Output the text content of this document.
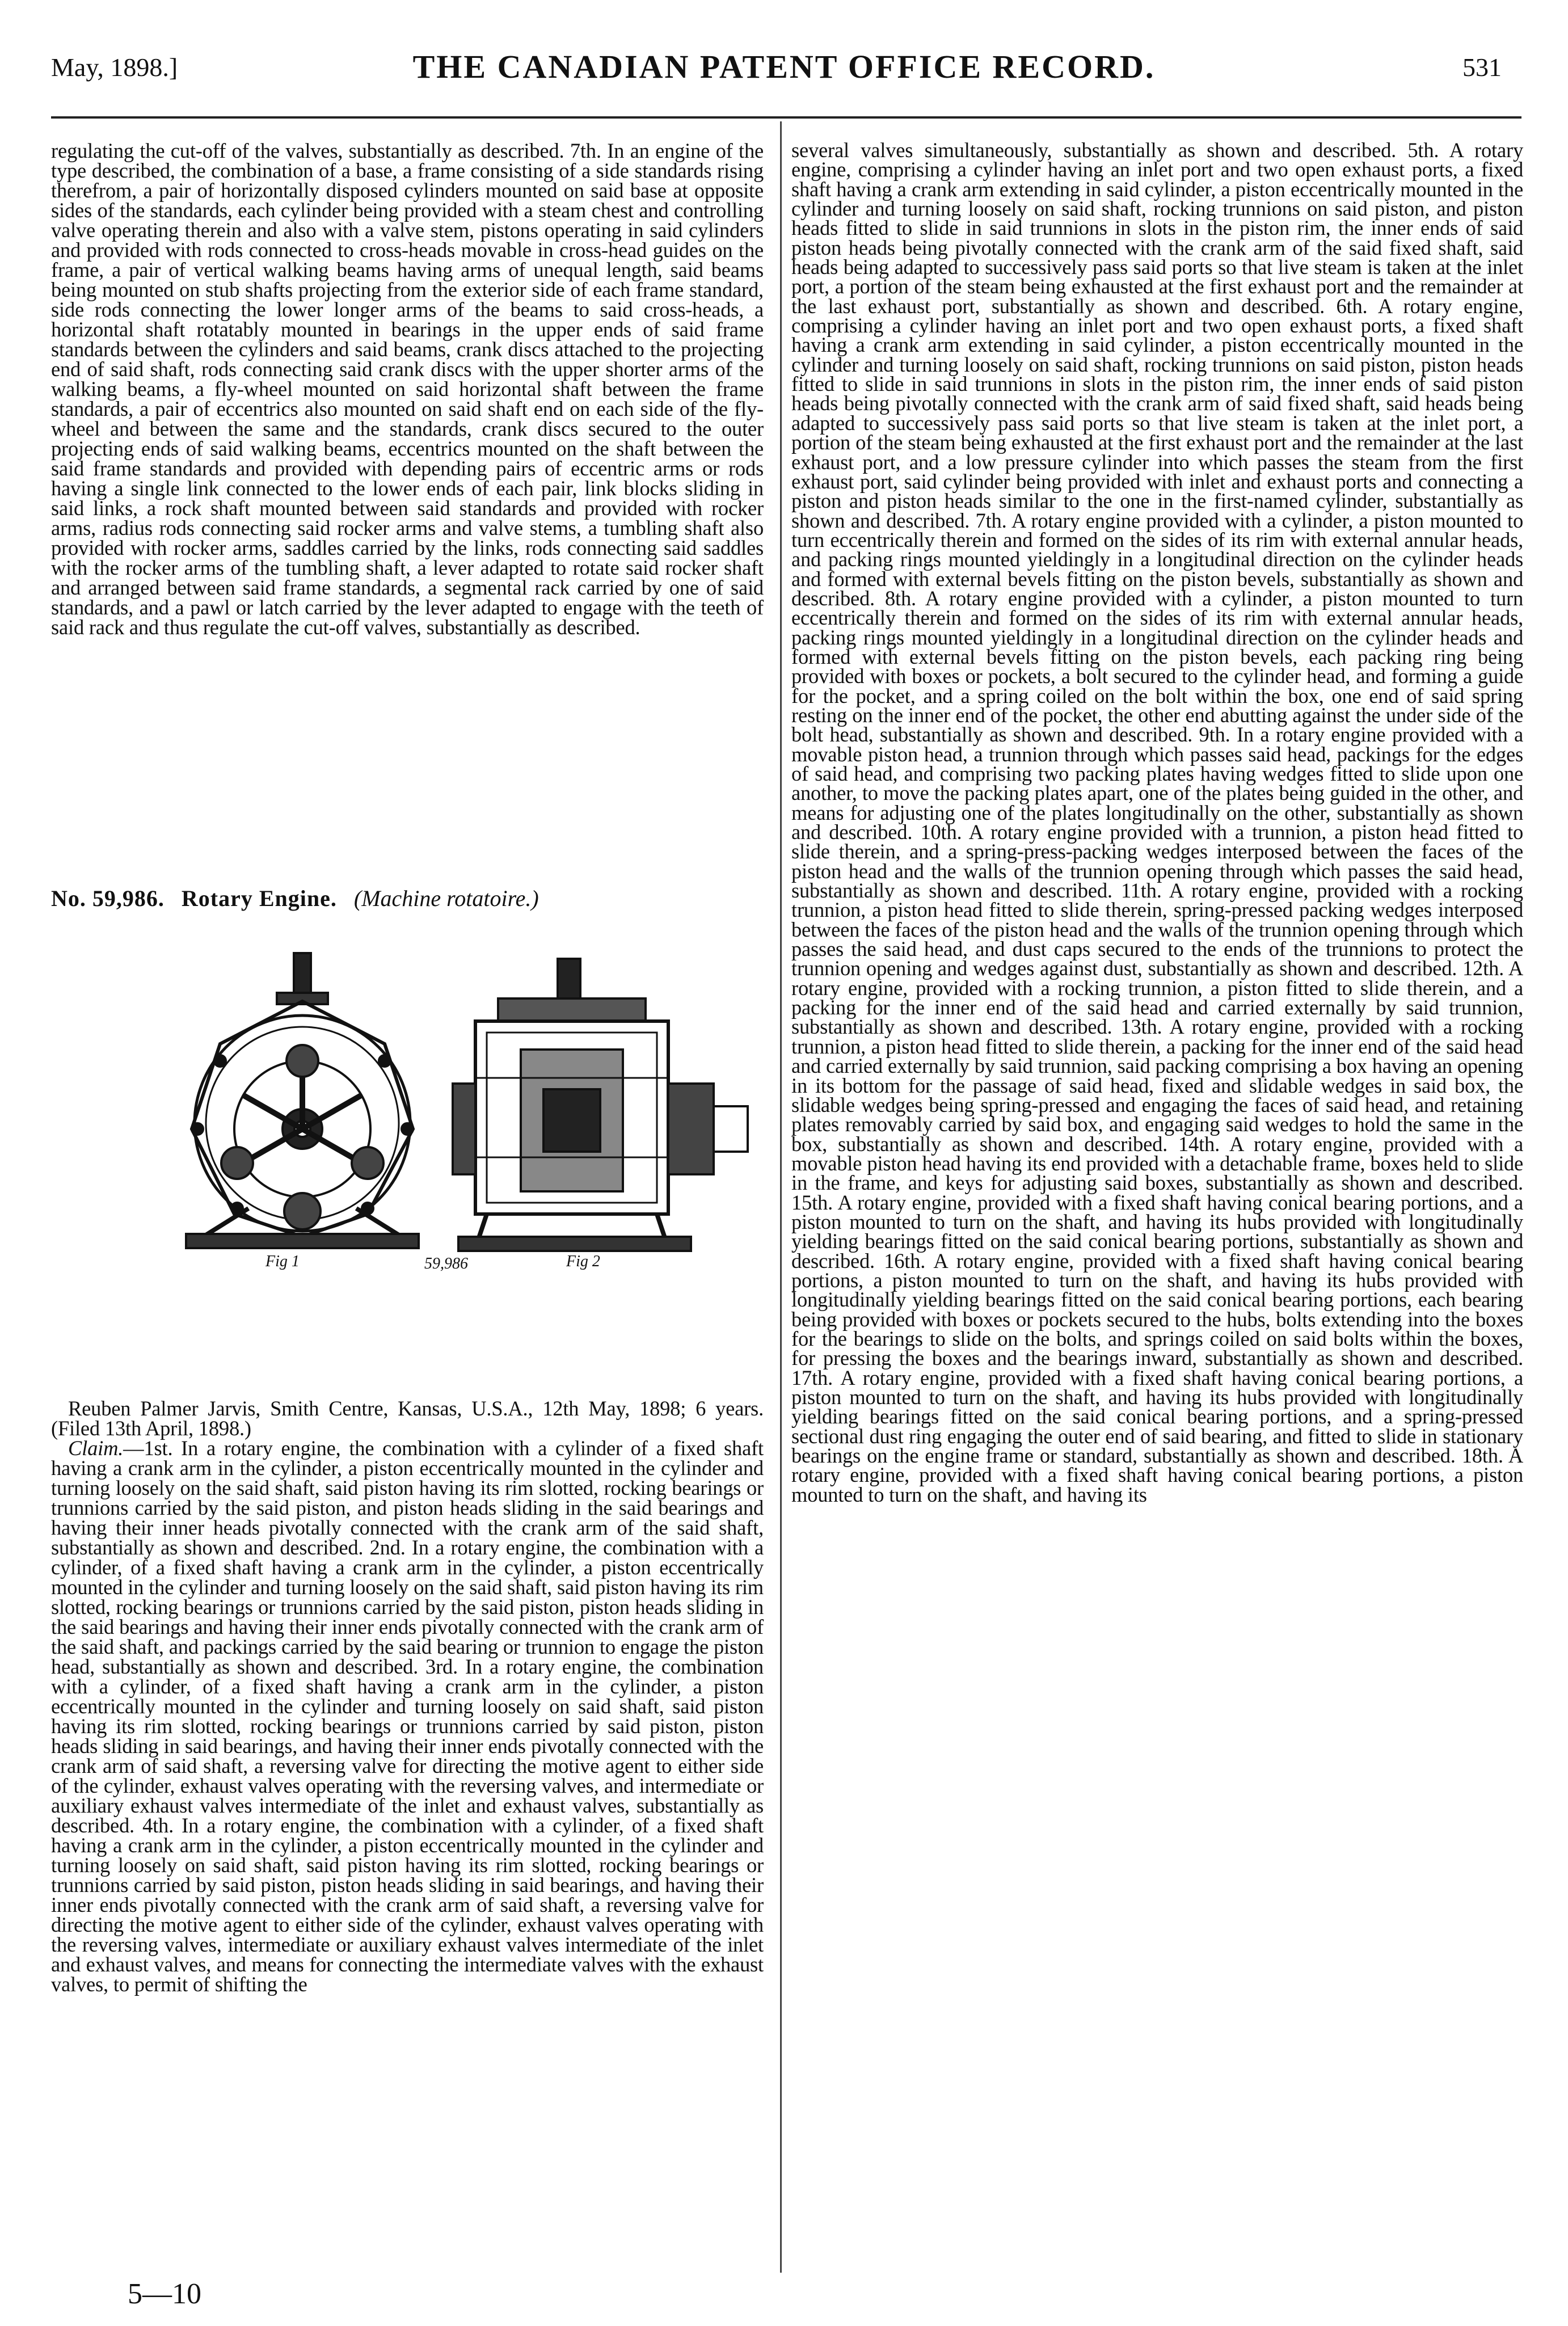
May, 1898.]	THE CANADIAN PATENT OFFICE RECORD.	531

regulating the cut-off of the valves, substantially as described. 7th. In an engine of the type described, the combination of a base, a frame consisting of a side standards rising therefrom, a pair of horizontally disposed cylinders mounted on said base at opposite sides of the standards, each cylinder being provided with a steam chest and controlling valve operating therein and also with a valve stem, pistons operating in said cylinders and provided with rods connected to cross-heads movable in cross-head guides on the frame, a pair of vertical walking beams having arms of unequal length, said beams being mounted on stub shafts projecting from the exterior side of each frame standard, side rods connecting the lower longer arms of the beams to said cross-heads, a horizontal shaft rotatably mounted in bearings in the upper ends of said frame standards between the cylinders and said beams, crank discs attached to the projecting end of said shaft, rods connecting said crank discs with the upper shorter arms of the walking beams, a fly-wheel mounted on said horizontal shaft between the frame standards, a pair of eccentrics also mounted on said shaft end on each side of the fly-wheel and between the same and the standards, crank discs secured to the outer projecting ends of said walking beams, eccentrics mounted on the shaft between the said frame standards and provided with depending pairs of eccentric arms or rods having a single link connected to the lower ends of each pair, link blocks sliding in said links, a rock shaft mounted between said standards and provided with rocker arms, radius rods connecting said rocker arms and valve stems, a tumbling shaft also provided with rocker arms, saddles carried by the links, rods connecting said saddles with the rocker arms of the tumbling shaft, a lever adapted to rotate said rocker shaft and arranged between said frame standards, a segmental rack carried by one of said standards, and a pawl or latch carried by the lever adapted to engage with the teeth of said rack and thus regulate the cut-off valves, substantially as described.

No. 59,986. Rotary Engine. (Machine rotatoire.)
Fig 1	59,986	Fig 2

Reuben Palmer Jarvis, Smith Centre, Kansas, U.S.A., 12th May, 1898; 6 years. (Filed 13th April, 1898.)

Claim.—1st. In a rotary engine, the combination with a cylinder of a fixed shaft having a crank arm in the cylinder, a piston eccentrically mounted in the cylinder and turning loosely on the said shaft, said piston having its rim slotted, rocking bearings or trunnions carried by the said piston, and piston heads sliding in the said bearings and having their inner heads pivotally connected with the crank arm of the said shaft, substantially as shown and described. 2nd. In a rotary engine, the combination with a cylinder, of a fixed shaft having a crank arm in the cylinder, a piston eccentrically mounted in the cylinder and turning loosely on the said shaft, said piston having its rim slotted, rocking bearings or trunnions carried by the said piston, piston heads sliding in the said bearings and having their inner ends pivotally connected with the crank arm of the said shaft, and packings carried by the said bearing or trunnion to engage the piston head, substantially as shown and described. 3rd. In a rotary engine, the combination with a cylinder, of a fixed shaft having a crank arm in the cylinder, a piston eccentrically mounted in the cylinder and turning loosely on said shaft, said piston having its rim slotted, rocking bearings or trunnions carried by said piston, piston heads sliding in said bearings, and having their inner ends pivotally connected with the crank arm of said shaft, a reversing valve for directing the motive agent to either side of the cylinder, exhaust valves operating with the reversing valves, and intermediate or auxiliary exhaust valves intermediate of the inlet and exhaust valves, substantially as described. 4th. In a rotary engine, the combination with a cylinder, of a fixed shaft having a crank arm in the cylinder, a piston eccentrically mounted in the cylinder and turning loosely on said shaft, said piston having its rim slotted, rocking bearings or trunnions carried by said piston, piston heads sliding in said bearings, and having their inner ends pivotally connected with the crank arm of said shaft, a reversing valve for directing the motive agent to either side of the cylinder, exhaust valves operating with the reversing valves, intermediate or auxiliary exhaust valves intermediate of the inlet and exhaust valves, and means for connecting the intermediate valves with the exhaust valves, to permit of shifting the

several valves simultaneously, substantially as shown and described. 5th. A rotary engine, comprising a cylinder having an inlet port and two open exhaust ports, a fixed shaft having a crank arm extending in said cylinder, a piston eccentrically mounted in the cylinder and turning loosely on said shaft, rocking trunnions on said piston, and piston heads fitted to slide in said trunnions in slots in the piston rim, the inner ends of said piston heads being pivotally connected with the crank arm of the said fixed shaft, said heads being adapted to successively pass said ports so that live steam is taken at the inlet port, a portion of the steam being exhausted at the first exhaust port and the remainder at the last exhaust port, substantially as shown and described. 6th. A rotary engine, comprising a cylinder having an inlet port and two open exhaust ports, a fixed shaft having a crank arm extending in said cylinder, a piston eccentrically mounted in the cylinder and turning loosely on said shaft, rocking trunnions on said piston, piston heads fitted to slide in said trunnions in slots in the piston rim, the inner ends of said piston heads being pivotally connected with the crank arm of said fixed shaft, said heads being adapted to successively pass said ports so that live steam is taken at the inlet port, a portion of the steam being exhausted at the first exhaust port and the remainder at the last exhaust port, and a low pressure cylinder into which passes the steam from the first exhaust port, said cylinder being provided with inlet and exhaust ports and connecting a piston and piston heads similar to the one in the first-named cylinder, substantially as shown and described. 7th. A rotary engine provided with a cylinder, a piston mounted to turn eccentrically therein and formed on the sides of its rim with external annular heads, and packing rings mounted yieldingly in a longitudinal direction on the cylinder heads and formed with external bevels fitting on the piston bevels, substantially as shown and described. 8th. A rotary engine provided with a cylinder, a piston mounted to turn eccentrically therein and formed on the sides of its rim with external annular heads, packing rings mounted yieldingly in a longitudinal direction on the cylinder heads and formed with external bevels fitting on the piston bevels, each packing ring being provided with boxes or pockets, a bolt secured to the cylinder head, and forming a guide for the pocket, and a spring coiled on the bolt within the box, one end of said spring resting on the inner end of the pocket, the other end abutting against the under side of the bolt head, substantially as shown and described. 9th. In a rotary engine provided with a movable piston head, a trunnion through which passes said head, packings for the edges of said head, and comprising two packing plates having wedges fitted to slide upon one another, to move the packing plates apart, one of the plates being guided in the other, and means for adjusting one of the plates longitudinally on the other, substantially as shown and described. 10th. A rotary engine provided with a trunnion, a piston head fitted to slide therein, and a spring-press-packing wedges interposed between the faces of the piston head and the walls of the trunnion opening through which passes the said head, substantially as shown and described. 11th. A rotary engine, provided with a rocking trunnion, a piston head fitted to slide therein, spring-pressed packing wedges interposed between the faces of the piston head and the walls of the trunnion opening through which passes the said head, and dust caps secured to the ends of the trunnions to protect the trunnion opening and wedges against dust, substantially as shown and described. 12th. A rotary engine, provided with a rocking trunnion, a piston fitted to slide therein, and a packing for the inner end of the said head and carried externally by said trunnion, substantially as shown and described. 13th. A rotary engine, provided with a rocking trunnion, a piston head fitted to slide therein, a packing for the inner end of the said head and carried externally by said trunnion, said packing comprising a box having an opening in its bottom for the passage of said head, fixed and slidable wedges in said box, the slidable wedges being spring-pressed and engaging the faces of said head, and retaining plates removably carried by said box, and engaging said wedges to hold the same in the box, substantially as shown and described. 14th. A rotary engine, provided with a movable piston head having its end provided with a detachable frame, boxes held to slide in the frame, and keys for adjusting said boxes, substantially as shown and described. 15th. A rotary engine, provided with a fixed shaft having conical bearing portions, and a piston mounted to turn on the shaft, and having its hubs provided with longitudinally yielding bearings fitted on the said conical bearing portions, substantially as shown and described. 16th. A rotary engine, provided with a fixed shaft having conical bearing portions, a piston mounted to turn on the shaft, and having its hubs provided with longitudinally yielding bearings fitted on the said conical bearing portions, each bearing being provided with boxes or pockets secured to the hubs, bolts extending into the boxes for the bearings to slide on the bolts, and springs coiled on said bolts within the boxes, for pressing the boxes and the bearings inward, substantially as shown and described. 17th. A rotary engine, provided with a fixed shaft having conical bearing portions, a piston mounted to turn on the shaft, and having its hubs provided with longitudinally yielding bearings fitted on the said conical bearing portions, and a spring-pressed sectional dust ring engaging the outer end of said bearing, and fitted to slide in stationary bearings on the engine frame or standard, substantially as shown and described. 18th. A rotary engine, provided with a fixed shaft having conical bearing portions, a piston mounted to turn on the shaft, and having its

5—10
